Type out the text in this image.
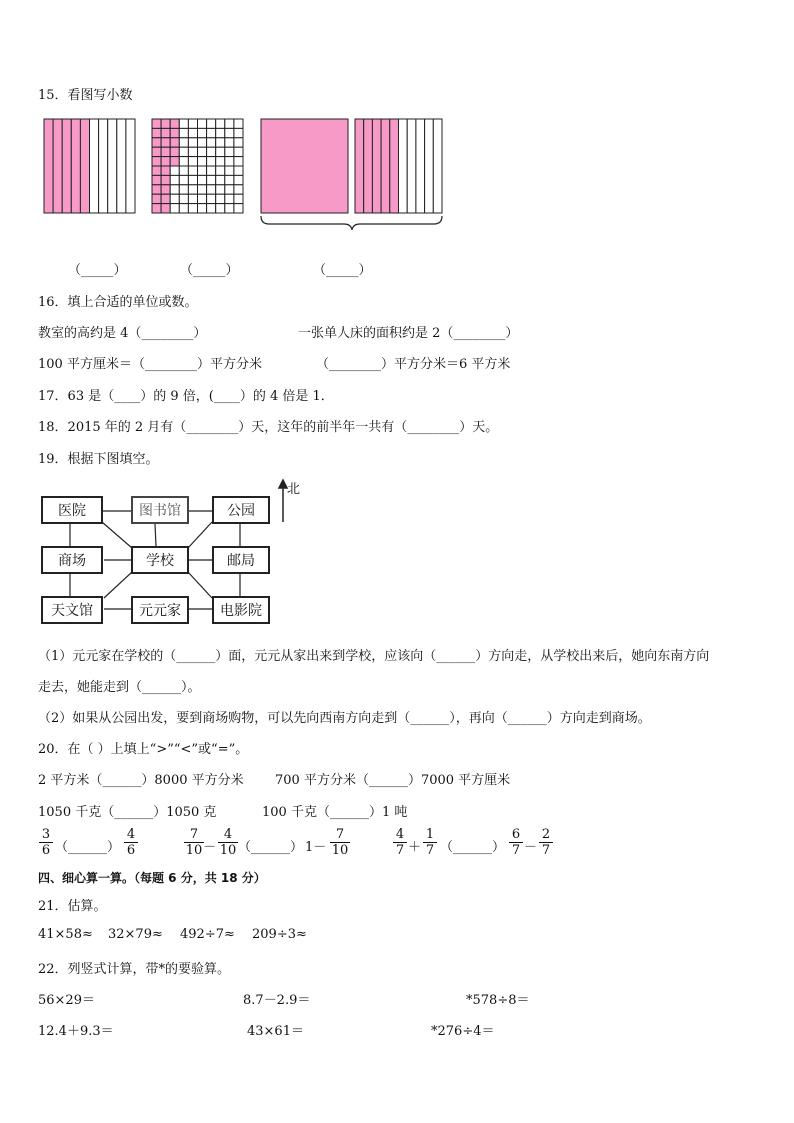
15．看图写小数
（_____）	（_____）	（_____）
16．填上合适的单位或数。
教室的高约是 4（________）	一张单人床的面积约是 2（________）
100 平方厘米＝（________）平方分米	（________）平方分米＝6 平方米
17．63 是（____）的 9 倍，(____）的 4 倍是 1．
18．2015 年的 2 月有（________）天，这年的前半年一共有（________）天。
19．根据下图填空。
北
医院	图书馆	公园
商场	学校	邮局
天文馆	元元家	电影院
（1）元元家在学校的（______）面，元元从家出来到学校，应该向（______）方向走，从学校出来后，她向东南方向
走去，她能走到（______）。
（2）如果从公园出发，要到商场购物，可以先向西南方向走到（______），再向（______）方向走到商场。
20．在（ ）上填上“>”“<”或“=”。
2 平方米（______）8000 平方分米 700 平方分米（______）7000 平方厘米
1050 千克（______）1050 克	100 千克（______）1 吨
$\frac{3}{6}$ （______） $\frac{4}{6}$	$\frac{7}{10} - \frac{4}{10}$ （______） $1- \frac{7}{10}$	$\frac{4}{7} + \frac{1}{7}$ （______） $\frac{6}{7} - \frac{2}{7}$
四、细心算一算。（每题 6 分，共 18 分）
21．估算。
41×58≈ 32×79≈ 492÷7≈ 209÷3≈
22．列竖式计算，带*的要验算。
56×29＝	8.7－2.9＝	*578÷8＝
12.4＋9.3＝	43×61＝	*276÷4＝
